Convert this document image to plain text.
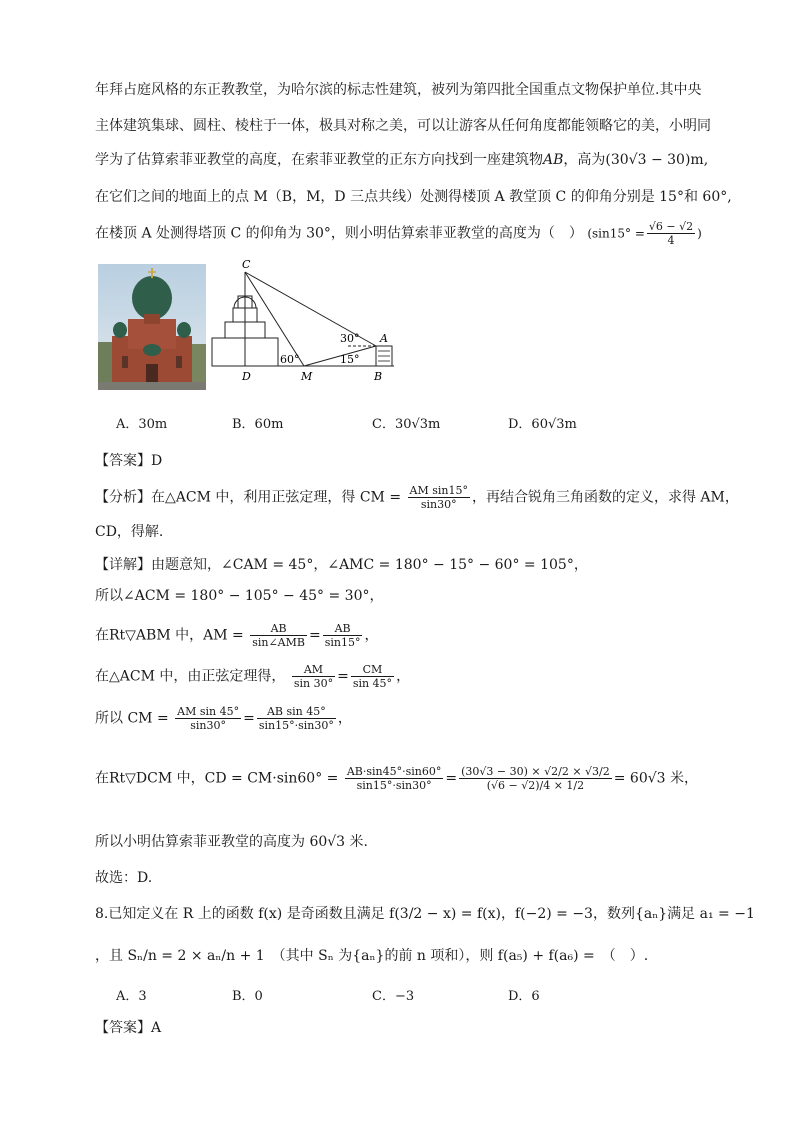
年拜占庭风格的东正教教堂，为哈尔滨的标志性建筑，被列为第四批全国重点文物保护单位.其中央
主体建筑集球、圆柱、棱柱于一体，极具对称之美，可以让游客从任何角度都能领略它的美，小明同
学为了估算索菲亚教堂的高度，在索菲亚教堂的正东方向找到一座建筑物AB，高为(30√3 − 30)m,
在它们之间的地面上的点 M（B，M，D 三点共线）处测得楼顶 A 教堂顶 C 的仰角分别是 15°和 60°,
在楼顶 A 处测得塔顶 C 的仰角为 30°，则小明估算索菲亚教堂的高度为（　） ($\sin 15^\circ = \frac{√6 - √2}{4}$ )
C
A
D	M	B
30°
60°	15°
A．30m	B．60m	C．30√3m	D．60√3m
【答案】D
【分析】在△ACM 中，利用正弦定理，得 CM = $\frac{\text{AM sin15°}}{\sin 30^\circ}$ ，再结合锐角三角函数的定义，求得 AM，
CD，得解.
【详解】由题意知，∠CAM = 45°，∠AMC = 180° − 15° − 60° = 105°，
所以∠ACM = 180° − 105° − 45° = 30°，
在Rt▽ABM 中，AM = $\frac{AB}{\text{sin∠AMB}} = \frac{AB}{\sin 15^\circ}$ ，
在△ACM 中，由正弦定理得， $\frac{AM}{\sin 30^\circ} = \frac{CM}{\sin 45^\circ}$ ，
所以 CM = $\frac{\text{AM sin 45°}}{\sin 30^\circ} = \frac{\text{AB sin 45°}}{\sin 15^\circ\cdot\sin 30^\circ}$ ，
在Rt▽DCM 中，CD = $CM\cdot\sin 60^\circ = \frac{AB\cdot\sin 45^\circ\cdot\sin 60^\circ}{\sin 15^\circ\cdot\sin 30^\circ} = \frac{(30√3 - 30) \times √2/2 \times √3/2}{(√6 - √2)/4 \times 1/2} = 60√3$ 米，
所以小明估算索菲亚教堂的高度为 60√3 米.
故选：D.
8.已知定义在 R 上的函数 f(x) 是奇函数且满足 f(3/2 − x) = f(x)，f(−2) = −3，数列{aₙ}满足 a₁ = −1
，且 Sₙ/n = 2 × aₙ/n + 1　（其中 Sₙ 为{aₙ}的前 n 项和），则 f(a₅) + f(a₆) =　（　）.
A．3	B．0	C．−3	D．6
【答案】A
